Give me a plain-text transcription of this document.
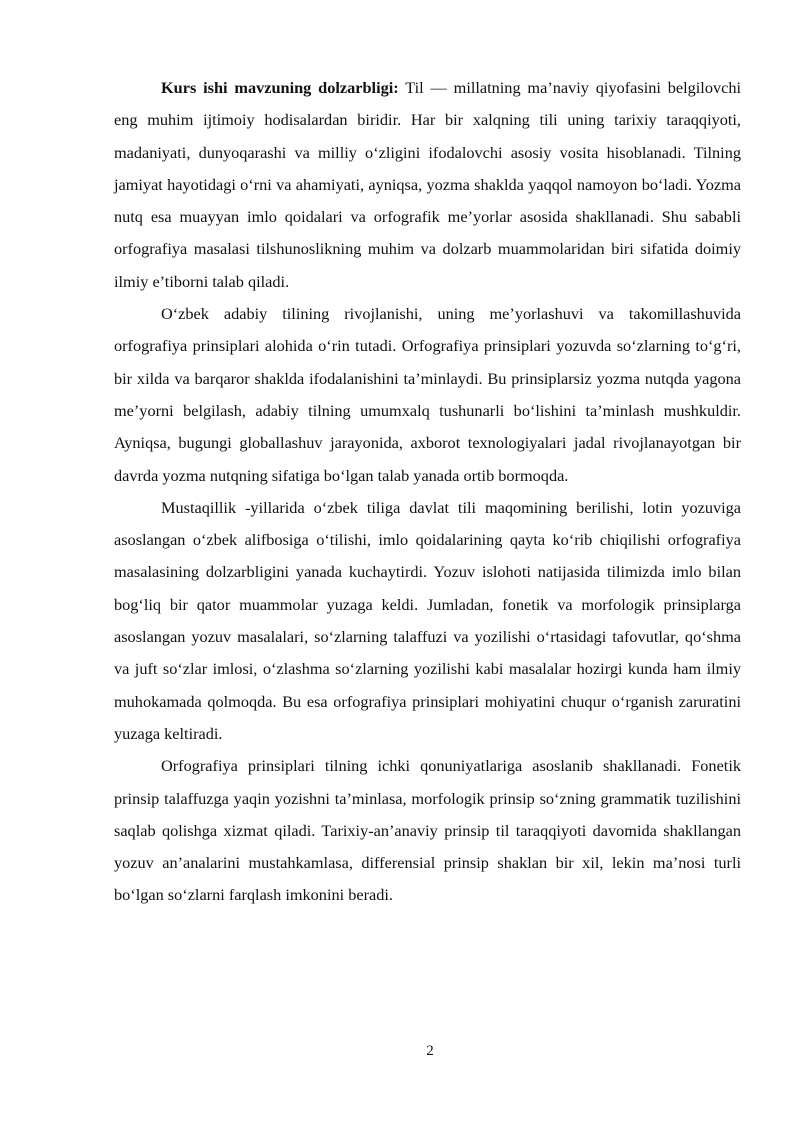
Kurs ishi mavzuning dolzarbligi: Til — millatning ma’naviy qiyofasini belgilovchi eng muhim ijtimoiy hodisalardan biridir. Har bir xalqning tili uning tarixiy taraqqiyoti, madaniyati, dunyoqarashi va milliy o‘zligini ifodalovchi asosiy vosita hisoblanadi. Tilning jamiyat hayotidagi o‘rni va ahamiyati, ayniqsa, yozma shaklda yaqqol namoyon bo‘ladi. Yozma nutq esa muayyan imlo qoidalari va orfografik me’yorlar asosida shakllanadi. Shu sababli orfografiya masalasi tilshunoslikning muhim va dolzarb muammolaridan biri sifatida doimiy ilmiy e’tiborni talab qiladi.

O‘zbek adabiy tilining rivojlanishi, uning me’yorlashuvi va takomillashuvida orfografiya prinsiplari alohida o‘rin tutadi. Orfografiya prinsiplari yozuvda so‘zlarning to‘g‘ri, bir xilda va barqaror shaklda ifodalanishini ta’minlaydi. Bu prinsiplarsiz yozma nutqda yagona me’yorni belgilash, adabiy tilning umumxalq tushunarli bo‘lishini ta’minlash mushkuldir. Ayniqsa, bugungi globallashuv jarayonida, axborot texnologiyalari jadal rivojlanayotgan bir davrda yozma nutqning sifatiga bo‘lgan talab yanada ortib bormoqda.

Mustaqillik -yillarida o‘zbek tiliga davlat tili maqomining berilishi, lotin yozuviga asoslangan o‘zbek alifbosiga o‘tilishi, imlo qoidalarining qayta ko‘rib chiqilishi orfografiya masalasining dolzarbligini yanada kuchaytirdi. Yozuv islohoti natijasida tilimizda imlo bilan bog‘liq bir qator muammolar yuzaga keldi. Jumladan, fonetik va morfologik prinsiplarga asoslangan yozuv masalalari, so‘zlarning talaffuzi va yozilishi o‘rtasidagi tafovutlar, qo‘shma va juft so‘zlar imlosi, o‘zlashma so‘zlarning yozilishi kabi masalalar hozirgi kunda ham ilmiy muhokamada qolmoqda. Bu esa orfografiya prinsiplari mohiyatini chuqur o‘rganish zaruratini yuzaga keltiradi.

Orfografiya prinsiplari tilning ichki qonuniyatlariga asoslanib shakllanadi. Fonetik prinsip talaffuzga yaqin yozishni ta’minlasa, morfologik prinsip so‘zning grammatik tuzilishini saqlab qolishga xizmat qiladi. Tarixiy-an’anaviy prinsip til taraqqiyoti davomida shakllangan yozuv an’analarini mustahkamlasa, differensial prinsip shaklan bir xil, lekin ma’nosi turli bo‘lgan so‘zlarni farqlash imkonini beradi.

2
